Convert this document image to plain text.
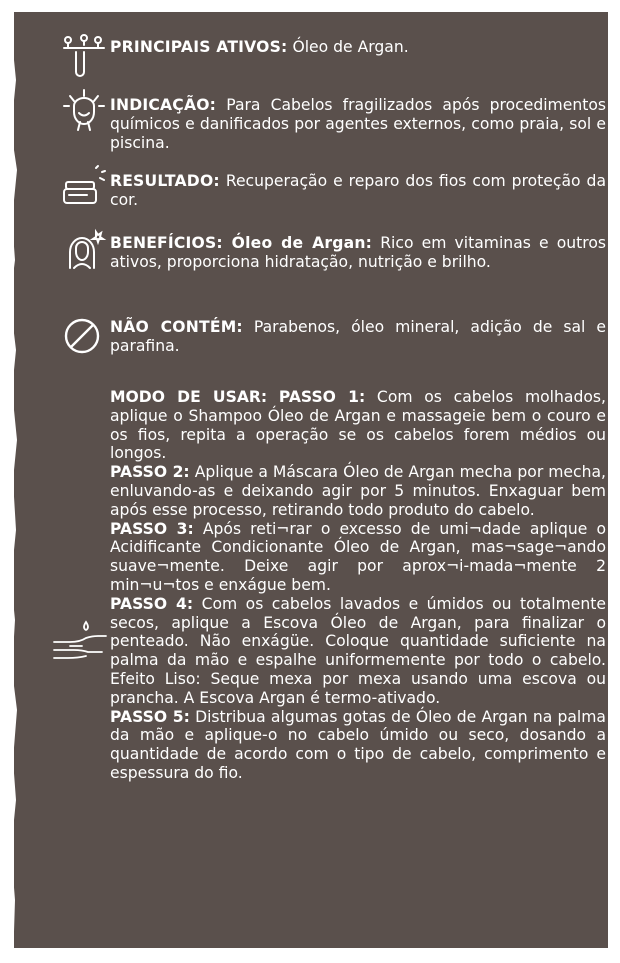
PRINCIPAIS ATIVOS: Óleo de Argan.
INDICAÇÃO: Para Cabelos fragilizados após procedimentos químicos e danificados por agentes externos, como praia, sol e piscina.
RESULTADO: Recuperação e reparo dos fios com proteção da cor.
BENEFÍCIOS: Óleo de Argan: Rico em vitaminas e outros ativos, proporciona hidratação, nutrição e brilho.
NÃO CONTÉM: Parabenos, óleo mineral, adição de sal e parafina.

MODO DE USAR: PASSO 1: Com os cabelos molhados, aplique o Shampoo Óleo de Argan e massageie bem o couro e os fios, repita a operação se os cabelos forem médios ou longos.

PASSO 2: Aplique a Máscara Óleo de Argan mecha por mecha, enluvando-as e deixando agir por 5 minutos. Enxaguar bem após esse processo, retirando todo produto do cabelo.

PASSO 3: Após reti¬rar o excesso de umi¬dade aplique o Acidificante Condicionante Óleo de Argan, mas¬sage¬ando suave¬mente. Deixe agir por aprox¬i-mada¬mente 2 min¬u¬tos e enxágue bem.

PASSO 4: Com os cabelos lavados e úmidos ou totalmente secos, aplique a Escova Óleo de Argan, para finalizar o penteado. Não enxágüe. Coloque quantidade suficiente na palma da mão e espalhe uniformemente por todo o cabelo. Efeito Liso: Seque mexa por mexa usando uma escova ou prancha. A Escova Argan é termo-ativado.

PASSO 5: Distribua algumas gotas de Óleo de Argan na palma da mão e aplique-o no cabelo úmido ou seco, dosando a quantidade de acordo com o tipo de cabelo, comprimento e espessura do fio.
